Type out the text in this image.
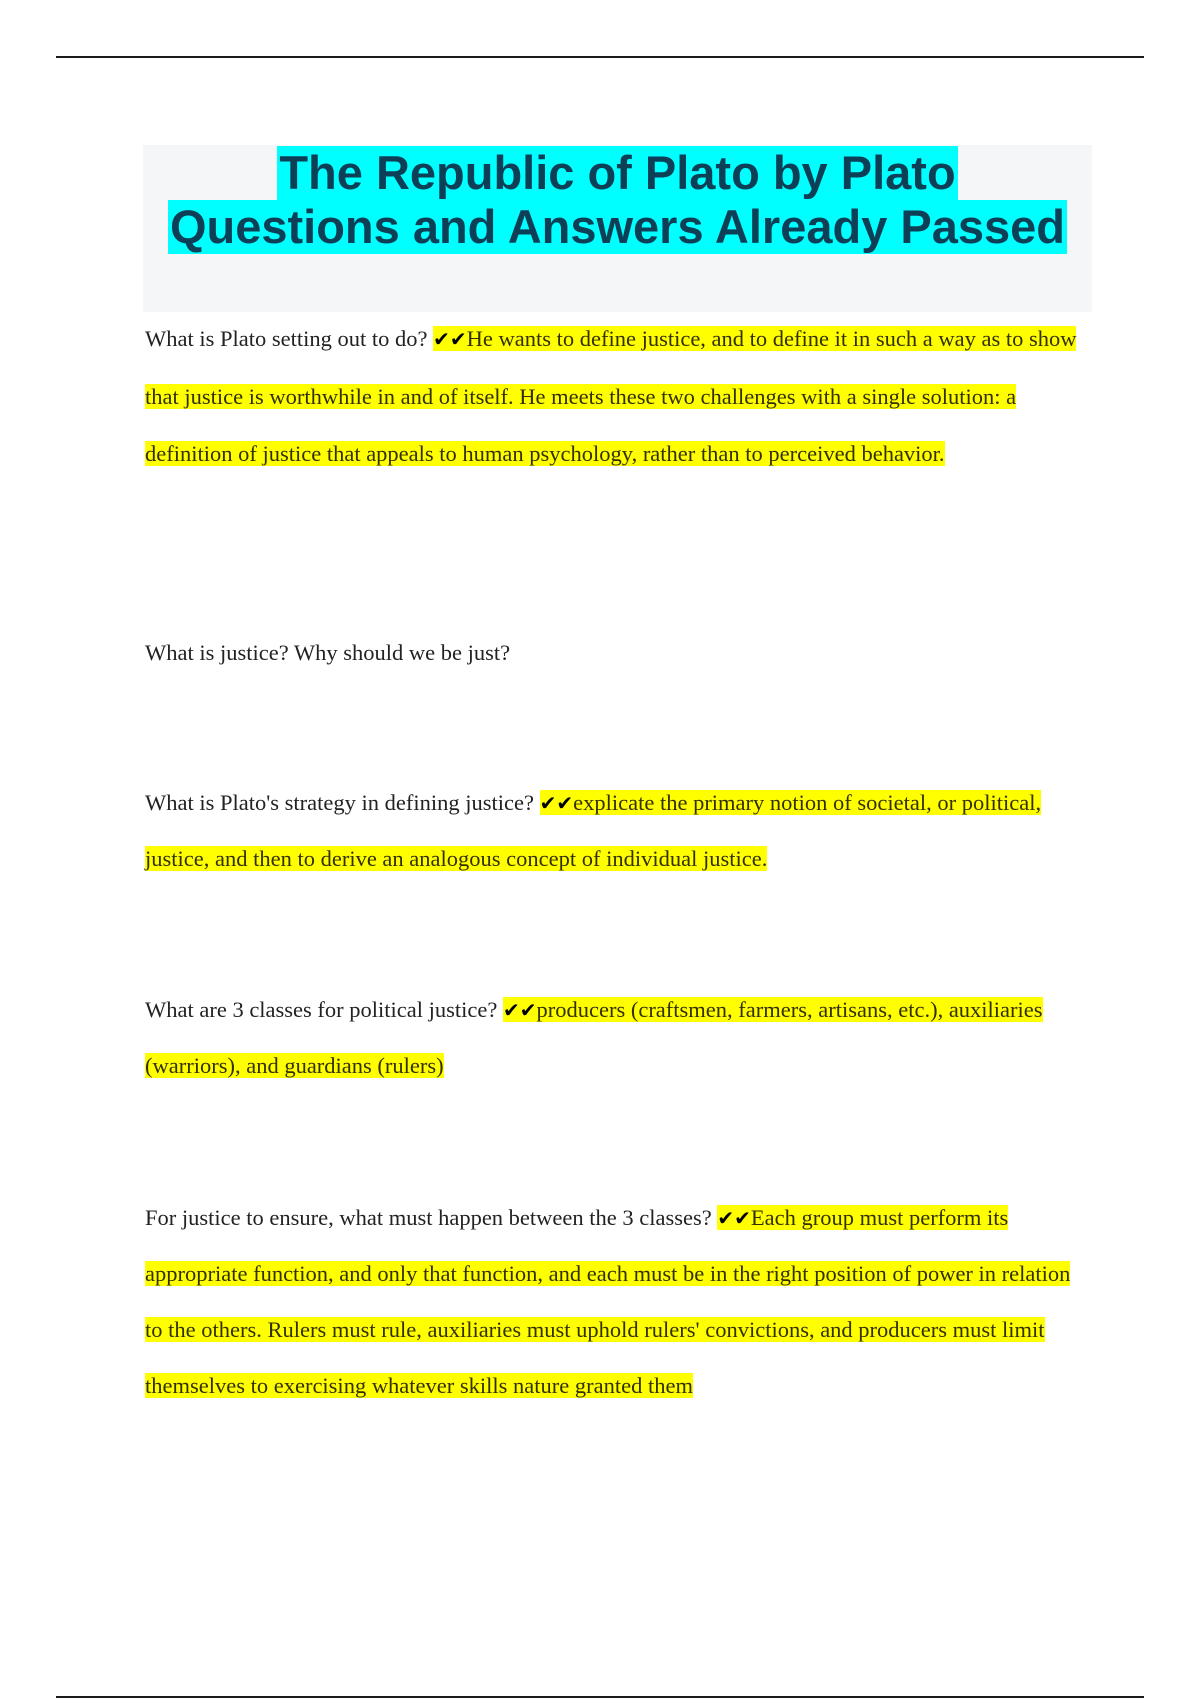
The Republic of Plato by Plato
Questions and Answers Already Passed

What is Plato setting out to do? ✔✔He wants to define justice, and to define it in such a way as to show that justice is worthwhile in and of itself. He meets these two challenges with a single solution: a definition of justice that appeals to human psychology, rather than to perceived behavior.

What is justice? Why should we be just?

What is Plato's strategy in defining justice? ✔✔explicate the primary notion of societal, or political, justice, and then to derive an analogous concept of individual justice.

What are 3 classes for political justice? ✔✔producers (craftsmen, farmers, artisans, etc.), auxiliaries (warriors), and guardians (rulers)

For justice to ensure, what must happen between the 3 classes? ✔✔Each group must perform its appropriate function, and only that function, and each must be in the right position of power in relation to the others. Rulers must rule, auxiliaries must uphold rulers' convictions, and producers must limit themselves to exercising whatever skills nature granted them
